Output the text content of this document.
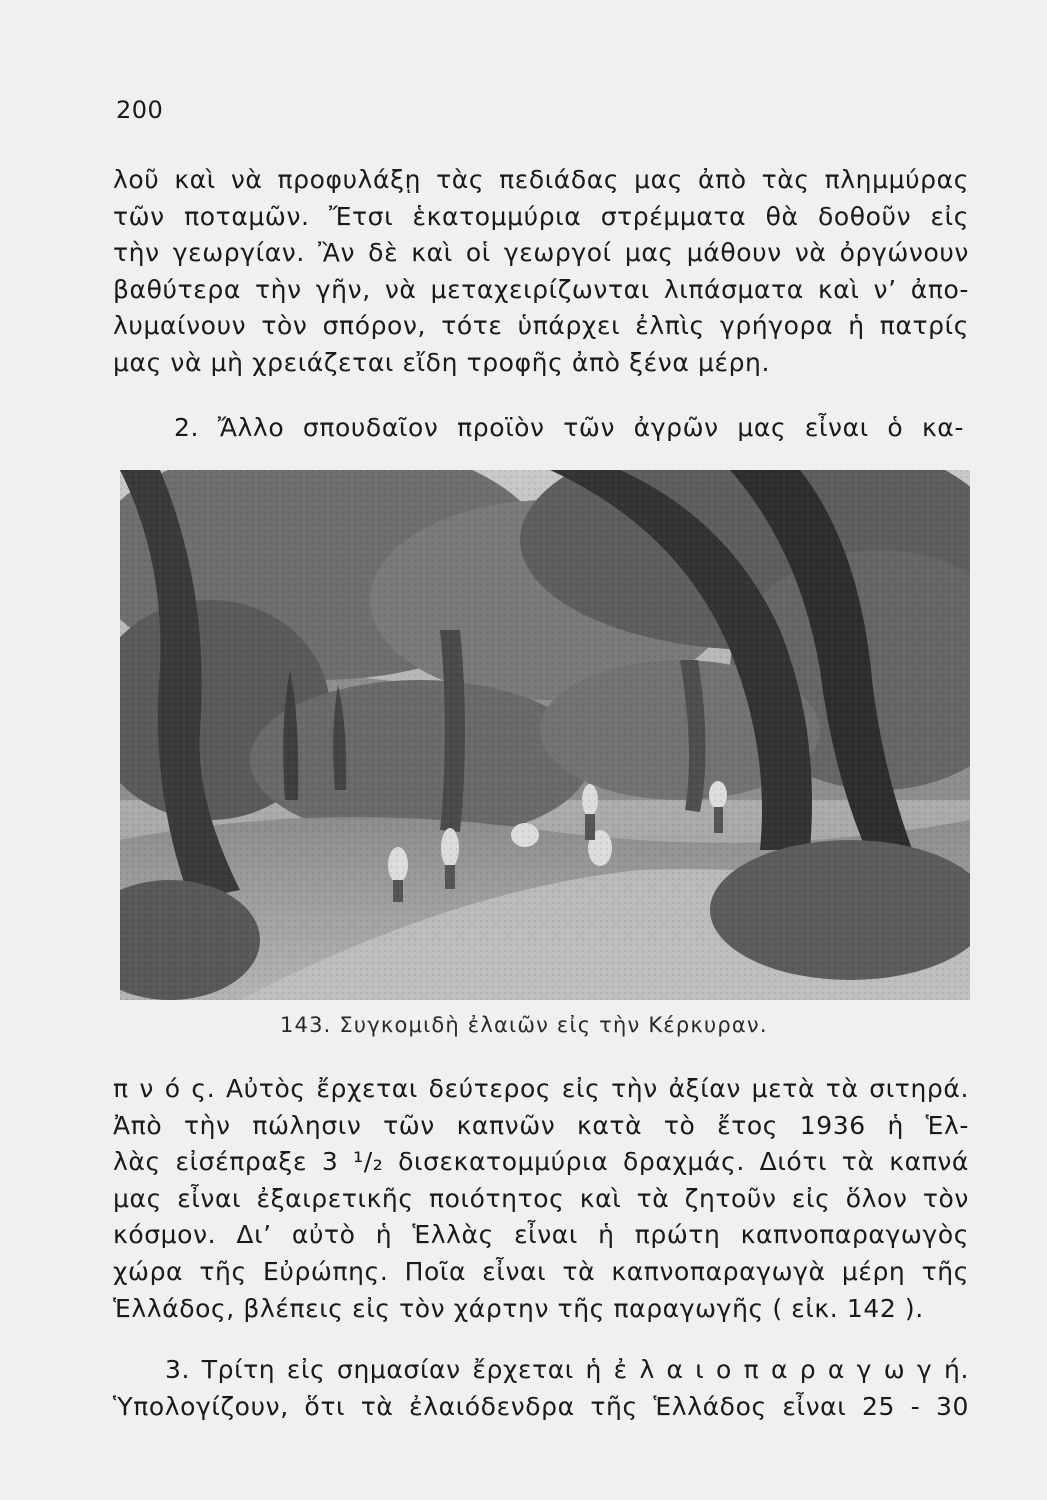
200
λοῦ καὶ νὰ προφυλάξῃ τὰς πεδιάδας μας ἀπὸ τὰς πλημμύρας
τῶν ποταμῶν. Ἔτσι ἑκατομμύρια στρέμματα θὰ δοθοῦν εἰς
τὴν γεωργίαν. Ἂν δὲ καὶ οἱ γεωργοί μας μάθουν νὰ ὀργώνουν
βαθύτερα τὴν γῆν, νὰ μεταχειρίζωνται λιπάσματα καὶ ν’ ἀπο-
λυμαίνουν τὸν σπόρον, τότε ὑπάρχει ἐλπὶς γρήγορα ἡ πατρίς
μας νὰ μὴ χρειάζεται εἴδη τροφῆς ἀπὸ ξένα μέρη.
2. Ἄλλο σπουδαῖον προϊὸν τῶν ἀγρῶν μας εἶναι ὁ κα-
143. Συγκομιδὴ ἐλαιῶν εἰς τὴν Κέρκυραν.
π ν ό ς. Αὐτὸς ἔρχεται δεύτερος εἰς τὴν ἀξίαν μετὰ τὰ σιτηρά.
Ἀπὸ τὴν πώλησιν τῶν καπνῶν κατὰ τὸ ἔτος 1936 ἡ Ἑλ-
λὰς εἰσέπραξε 3 ¹/₂ δισεκατομμύρια δραχμάς. Διότι τὰ καπνά
μας εἶναι ἐξαιρετικῆς ποιότητος καὶ τὰ ζητοῦν εἰς ὅλον τὸν
κόσμον. Δι’ αὐτὸ ἡ Ἑλλὰς εἶναι ἡ πρώτη καπνοπαραγωγὸς
χώρα τῆς Εὐρώπης. Ποῖα εἶναι τὰ καπνοπαραγωγὰ μέρη τῆς
Ἑλλάδος, βλέπεις εἰς τὸν χάρτην τῆς παραγωγῆς ( εἰκ. 142 ).
3. Τρίτη εἰς σημασίαν ἔρχεται ἡ ἐ λ α ι ο π α ρ α γ ω γ ή.
Ὑπολογίζουν, ὅτι τὰ ἐλαιόδενδρα τῆς Ἑλλάδος εἶναι 25 - 30
